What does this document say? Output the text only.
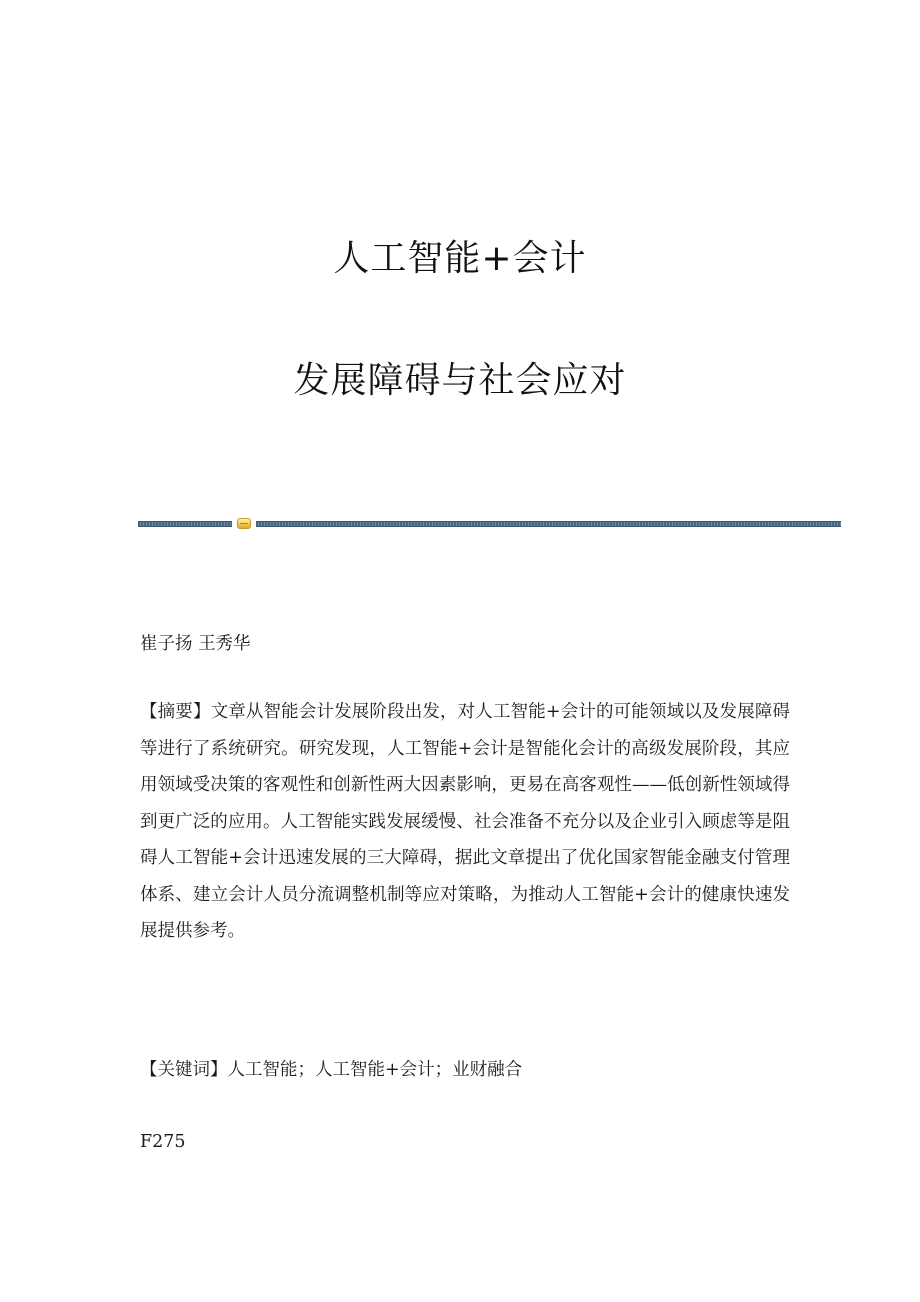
人工智能+会计
发展障碍与社会应对
崔子扬 王秀华
【摘要】文章从智能会计发展阶段出发，对人工智能+会计的可能领域以及发展障碍等进行了系统研究。研究发现，人工智能+会计是智能化会计的高级发展阶段，其应用领域受决策的客观性和创新性两大因素影响，更易在高客观性——低创新性领域得到更广泛的应用。人工智能实践发展缓慢、社会准备不充分以及企业引入顾虑等是阻碍人工智能+会计迅速发展的三大障碍，据此文章提出了优化国家智能金融支付管理体系、建立会计人员分流调整机制等应对策略，为推动人工智能+会计的健康快速发展提供参考。
【关键词】人工智能；人工智能+会计；业财融合
F275
